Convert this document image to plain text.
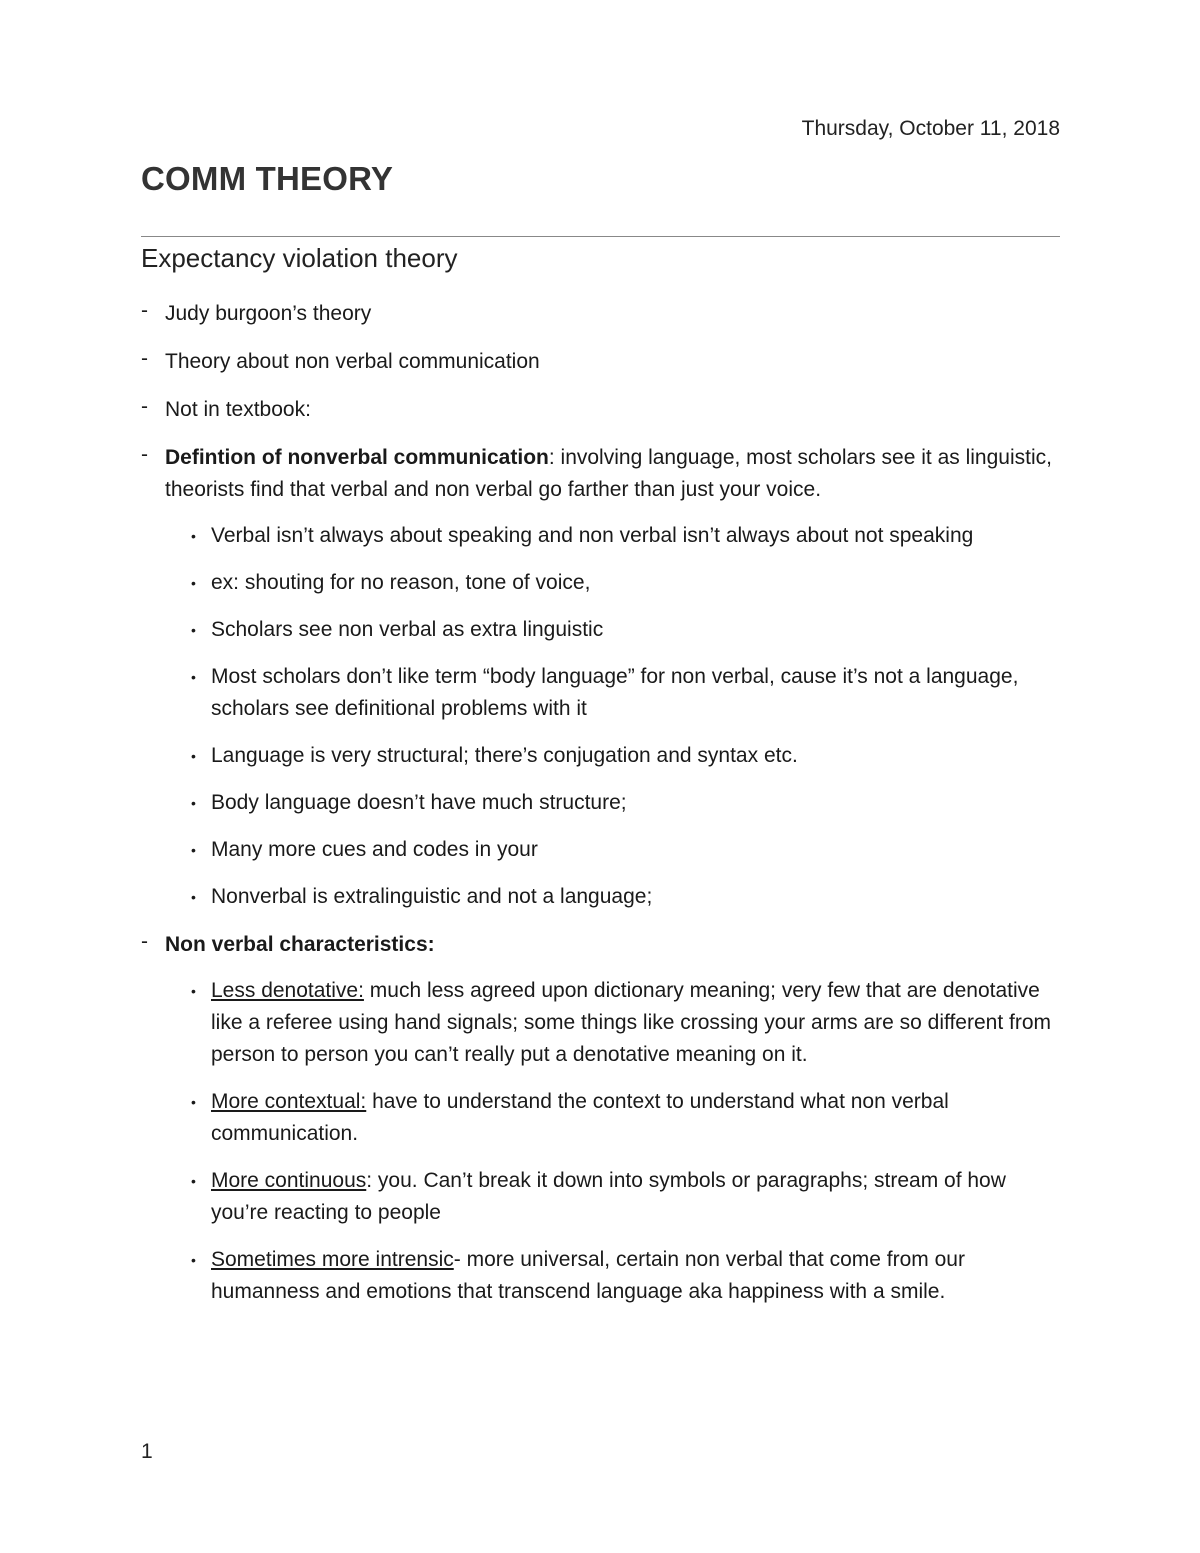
Thursday, October 11, 2018
COMM THEORY
Expectancy violation theory
- Judy burgoon’s theory
- Theory about non verbal communication
- Not in textbook:
- Defintion of nonverbal communication: involving language, most scholars see it as linguistic, theorists find that verbal and non verbal go farther than just your voice.
• Verbal isn’t always about speaking and non verbal isn’t always about not speaking
• ex: shouting for no reason, tone of voice,
• Scholars see non verbal as extra linguistic
• Most scholars don’t like term “body language” for non verbal, cause it’s not a language, scholars see definitional problems with it
• Language is very structural; there’s conjugation and syntax etc.
• Body language doesn’t have much structure;
• Many more cues and codes in your
• Nonverbal is extralinguistic and not a language;
- Non verbal characteristics:
• Less denotative: much less agreed upon dictionary meaning; very few that are denotative like a referee using hand signals; some things like crossing your arms are so different from person to person you can’t really put a denotative meaning on it.
• More contextual: have to understand the context to understand what non verbal communication.
• More continuous: you. Can’t break it down into symbols or paragraphs; stream of how you’re reacting to people
• Sometimes more intrensic- more universal, certain non verbal that come from our humanness and emotions that transcend language aka happiness with a smile.
1
